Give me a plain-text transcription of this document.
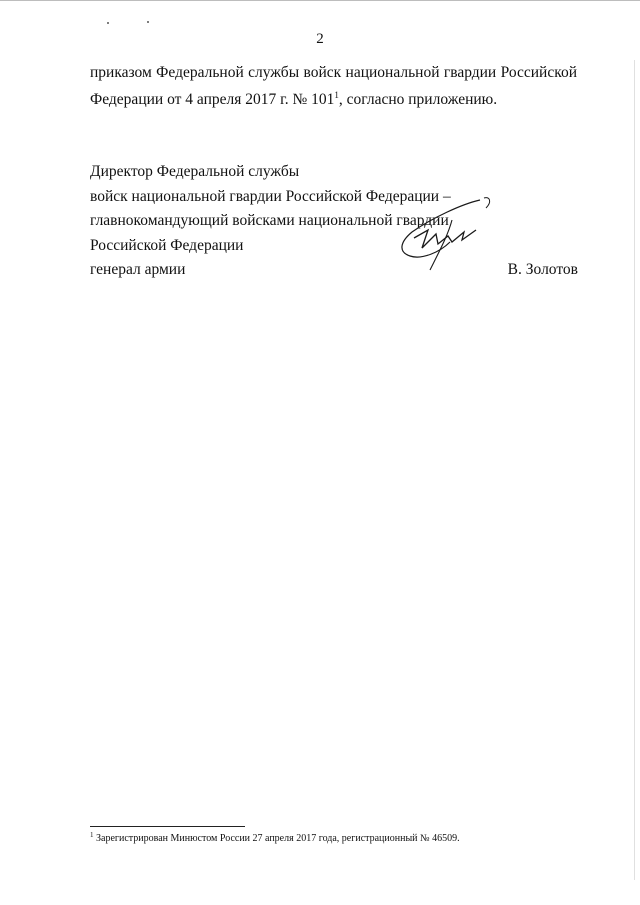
2
приказом Федеральной службы войск национальной гвардии Российской
Федерации от 4 апреля 2017 г. № $101^1$, согласно приложению.
Директор Федеральной службы
войск национальной гвардии Российской Федерации –
главнокомандующий войсками национальной гвардии
Российской Федерации
генерал армии	В. Золотов
$^1$ Зарегистрирован Минюстом России 27 апреля 2017 года, регистрационный № 46509.
